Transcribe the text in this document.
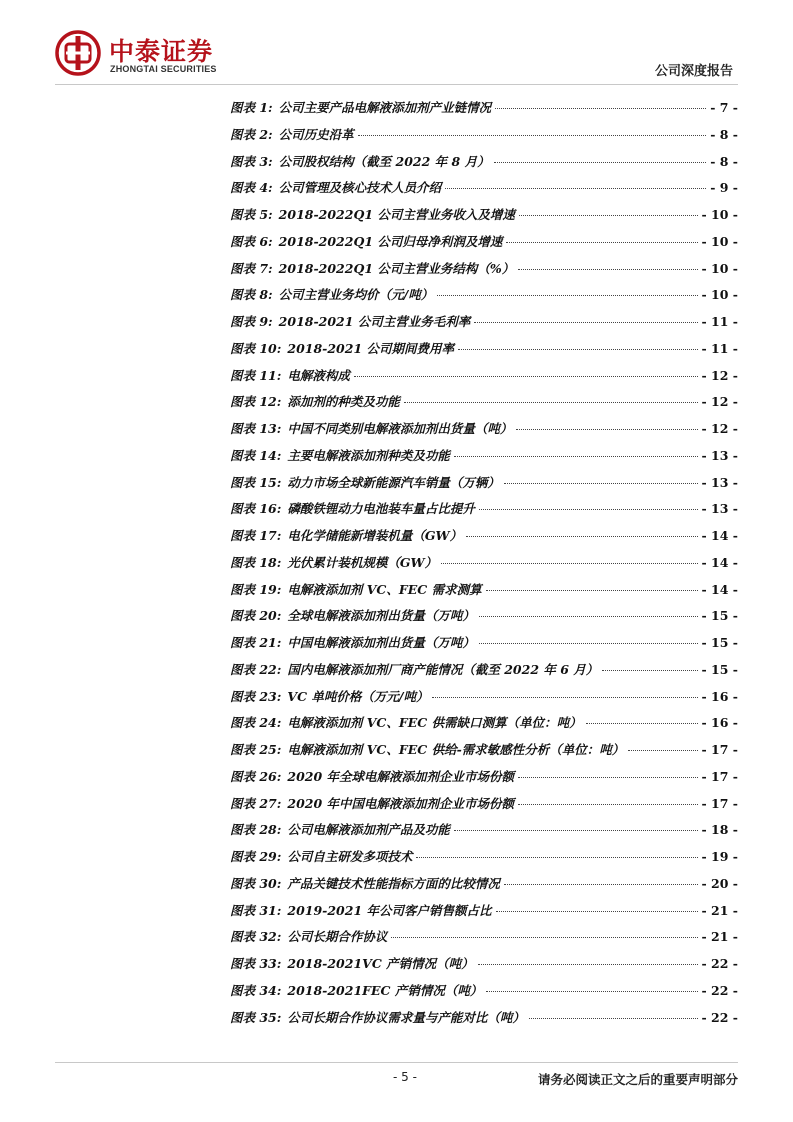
中泰证券
ZHONGTAI SECURITIES	公司深度报告
图表 1: 公司主要产品电解液添加剂产业链情况	- 7 -
图表 2: 公司历史沿革	- 8 -
图表 3: 公司股权结构（截至 2022 年 8 月）	- 8 -
图表 4: 公司管理及核心技术人员介绍	- 9 -
图表 5: 2018-2022Q1 公司主营业务收入及增速	- 10 -
图表 6: 2018-2022Q1 公司归母净利润及增速	- 10 -
图表 7: 2018-2022Q1 公司主营业务结构（%）	- 10 -
图表 8: 公司主营业务均价（元/吨）	- 10 -
图表 9: 2018-2021 公司主营业务毛利率	- 11 -
图表 10: 2018-2021 公司期间费用率	- 11 -
图表 11: 电解液构成	- 12 -
图表 12: 添加剂的种类及功能	- 12 -
图表 13: 中国不同类别电解液添加剂出货量（吨）	- 12 -
图表 14: 主要电解液添加剂种类及功能	- 13 -
图表 15: 动力市场全球新能源汽车销量（万辆）	- 13 -
图表 16: 磷酸铁锂动力电池装车量占比提升	- 13 -
图表 17: 电化学储能新增装机量（GW）	- 14 -
图表 18: 光伏累计装机规模（GW）	- 14 -
图表 19: 电解液添加剂 VC、FEC 需求测算	- 14 -
图表 20: 全球电解液添加剂出货量（万吨）	- 15 -
图表 21: 中国电解液添加剂出货量（万吨）	- 15 -
图表 22: 国内电解液添加剂厂商产能情况（截至 2022 年 6 月）	- 15 -
图表 23: VC 单吨价格（万元/吨）	- 16 -
图表 24: 电解液添加剂 VC、FEC 供需缺口测算（单位：吨）	- 16 -
图表 25: 电解液添加剂 VC、FEC 供给-需求敏感性分析（单位：吨）	- 17 -
图表 26: 2020 年全球电解液添加剂企业市场份额	- 17 -
图表 27: 2020 年中国电解液添加剂企业市场份额	- 17 -
图表 28: 公司电解液添加剂产品及功能	- 18 -
图表 29: 公司自主研发多项技术	- 19 -
图表 30: 产品关键技术性能指标方面的比较情况	- 20 -
图表 31: 2019-2021 年公司客户销售额占比	- 21 -
图表 32: 公司长期合作协议	- 21 -
图表 33: 2018-2021VC 产销情况（吨）	- 22 -
图表 34: 2018-2021FEC 产销情况（吨）	- 22 -
图表 35: 公司长期合作协议需求量与产能对比（吨）	- 22 -
- 5 -	请务必阅读正文之后的重要声明部分
